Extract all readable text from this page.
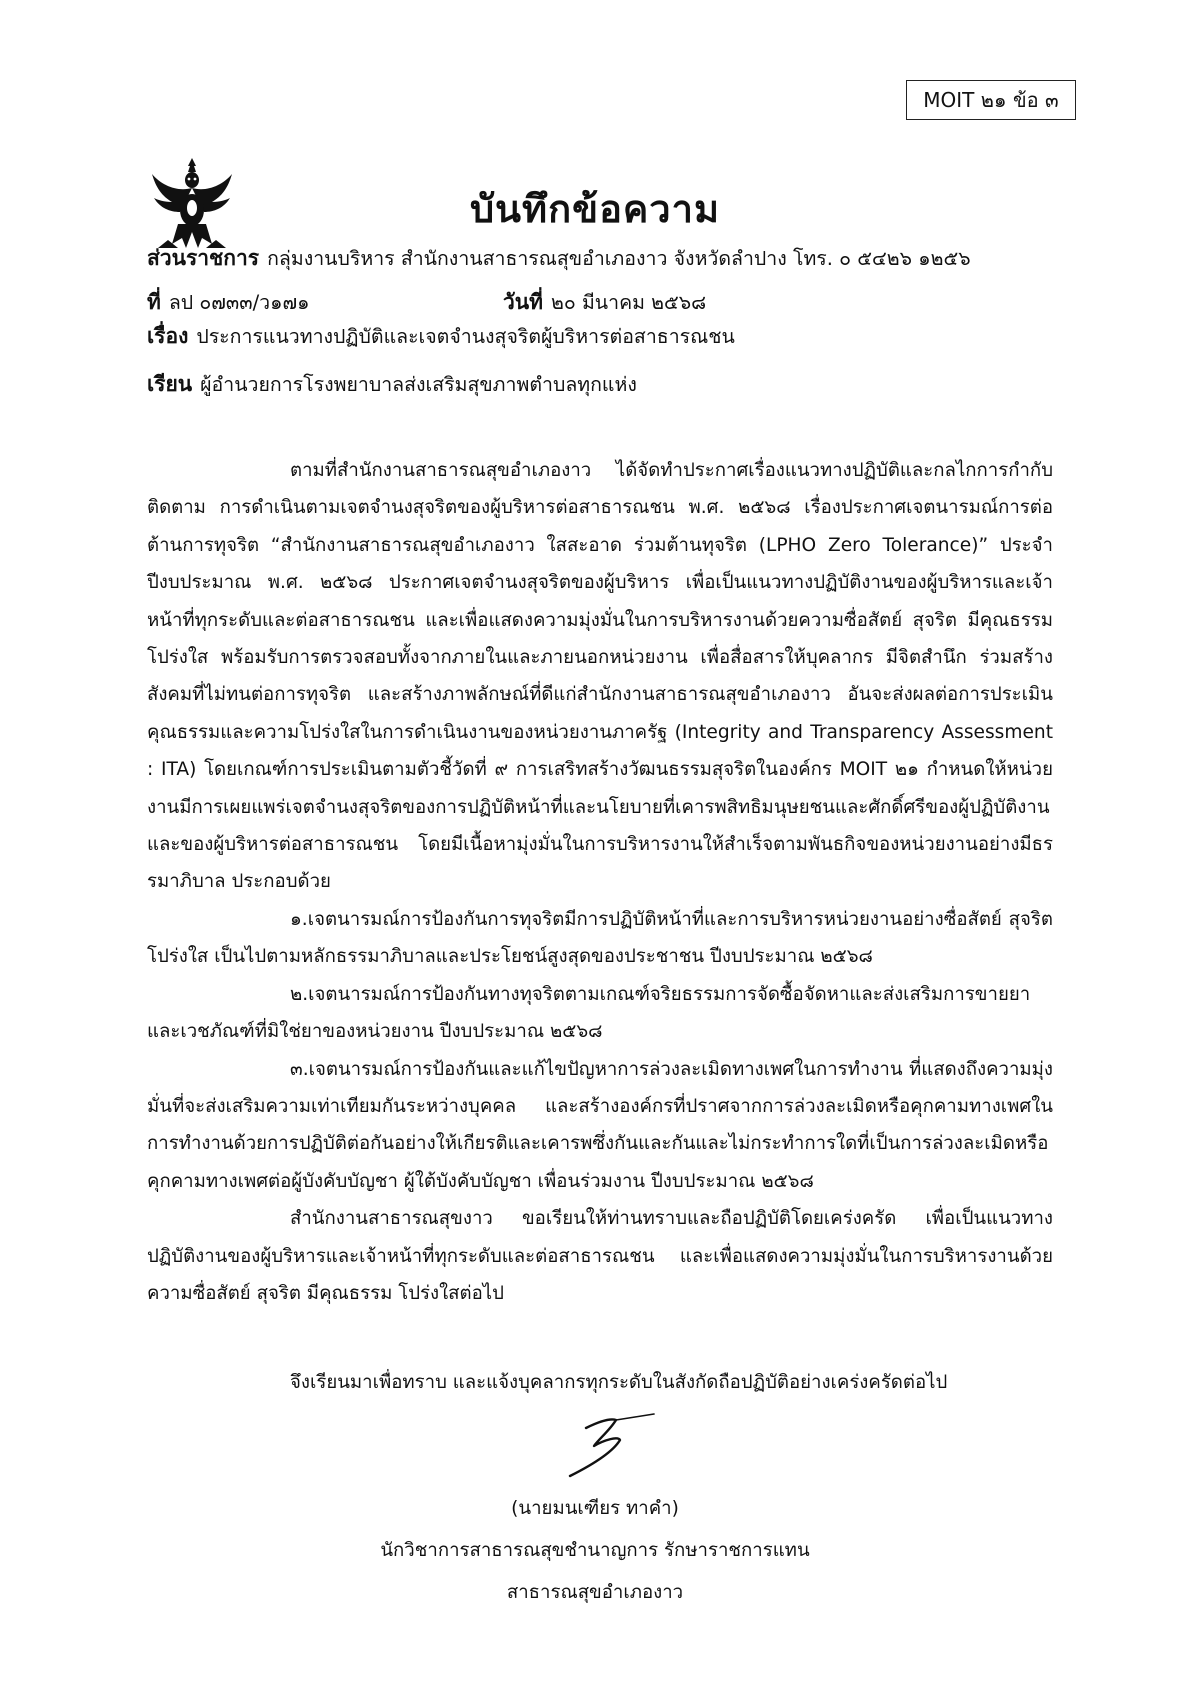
MOIT ๒๑ ข้อ ๓
บันทึกข้อความ
ส่วนราชการ กลุ่มงานบริหาร สำนักงานสาธารณสุขอำเภองาว จังหวัดลำปาง โทร. ๐ ๕๔๒๖ ๑๒๕๖
ที่ ลป ๐๗๓๓/ว๑๗๑	วันที่ ๒๐ มีนาคม ๒๕๖๘
เรื่อง ประการแนวทางปฏิบัติและเจตจำนงสุจริตผู้บริหารต่อสาธารณชน
เรียน ผู้อำนวยการโรงพยาบาลส่งเสริมสุขภาพตำบลทุกแห่ง

ตามที่สำนักงานสาธารณสุขอำเภองาว ได้จัดทำประกาศเรื่องแนวทางปฏิบัติและกลไกการกำกับติดตาม การดำเนินตามเจตจำนงสุจริตของผู้บริหารต่อสาธารณชน พ.ศ. ๒๕๖๘ เรื่องประกาศเจตนารมณ์การต่อต้านการทุจริต “สำนักงานสาธารณสุขอำเภองาว ใสสะอาด ร่วมต้านทุจริต (LPHO Zero Tolerance)” ประจำปีงบประมาณ พ.ศ. ๒๕๖๘ ประกาศเจตจำนงสุจริตของผู้บริหาร เพื่อเป็นแนวทางปฏิบัติงานของผู้บริหารและเจ้าหน้าที่ทุกระดับและต่อสาธารณชน และเพื่อแสดงความมุ่งมั่นในการบริหารงานด้วยความซื่อสัตย์ สุจริต มีคุณธรรม โปร่งใส พร้อมรับการตรวจสอบทั้งจากภายในและภายนอกหน่วยงาน เพื่อสื่อสารให้บุคลากร มีจิตสำนึก ร่วมสร้างสังคมที่ไม่ทนต่อการทุจริต และสร้างภาพลักษณ์ที่ดีแก่สำนักงานสาธารณสุขอำเภองาว อันจะส่งผลต่อการประเมินคุณธรรมและความโปร่งใสในการดำเนินงานของหน่วยงานภาครัฐ (Integrity and Transparency Assessment : ITA) โดยเกณฑ์การประเมินตามตัวชี้วัดที่ ๙ การเสริทสร้างวัฒนธรรมสุจริตในองค์กร MOIT ๒๑ กำหนดให้หน่วยงานมีการเผยแพร่เจตจำนงสุจริตของการปฏิบัติหน้าที่และนโยบายที่เคารพสิทธิมนุษยชนและศักดิ์ศรีของผู้ปฏิบัติงานและของผู้บริหารต่อสาธารณชน โดยมีเนื้อหามุ่งมั่นในการบริหารงานให้สำเร็จตามพันธกิจของหน่วยงานอย่างมีธรรมาภิบาล ประกอบด้วย

๑.เจตนารมณ์การป้องกันการทุจริตมีการปฏิบัติหน้าที่และการบริหารหน่วยงานอย่างซื่อสัตย์ สุจริต โปร่งใส เป็นไปตามหลักธรรมาภิบาลและประโยชน์สูงสุดของประชาชน ปีงบประมาณ ๒๕๖๘

๒.เจตนารมณ์การป้องกันทางทุจริตตามเกณฑ์จริยธรรมการจัดซื้อจัดหาและส่งเสริมการขายยาและเวชภัณฑ์ที่มิใช่ยาของหน่วยงาน ปีงบประมาณ ๒๕๖๘

๓.เจตนารมณ์การป้องกันและแก้ไขปัญหาการล่วงละเมิดทางเพศในการทำงาน ที่แสดงถึงความมุ่งมั่นที่จะส่งเสริมความเท่าเทียมกันระหว่างบุคคล และสร้างองค์กรที่ปราศจากการล่วงละเมิดหรือคุกคามทางเพศในการทำงานด้วยการปฏิบัติต่อกันอย่างให้เกียรติและเคารพซึ่งกันและกันและไม่กระทำการใดที่เป็นการล่วงละเมิดหรือคุกคามทางเพศต่อผู้บังคับบัญชา ผู้ใต้บังคับบัญชา เพื่อนร่วมงาน ปีงบประมาณ ๒๕๖๘

สำนักงานสาธารณสุขงาว ขอเรียนให้ท่านทราบและถือปฏิบัติโดยเคร่งครัด เพื่อเป็นแนวทางปฏิบัติงานของผู้บริหารและเจ้าหน้าที่ทุกระดับและต่อสาธารณชน และเพื่อแสดงความมุ่งมั่นในการบริหารงานด้วยความซื่อสัตย์ สุจริต มีคุณธรรม โปร่งใสต่อไป

จึงเรียนมาเพื่อทราบ และแจ้งบุคลากรทุกระดับในสังกัดถือปฏิบัติอย่างเคร่งครัดต่อไป
(นายมนเฑียร ทาคำ)
นักวิชาการสาธารณสุขชำนาญการ รักษาราชการแทน
สาธารณสุขอำเภองาว
